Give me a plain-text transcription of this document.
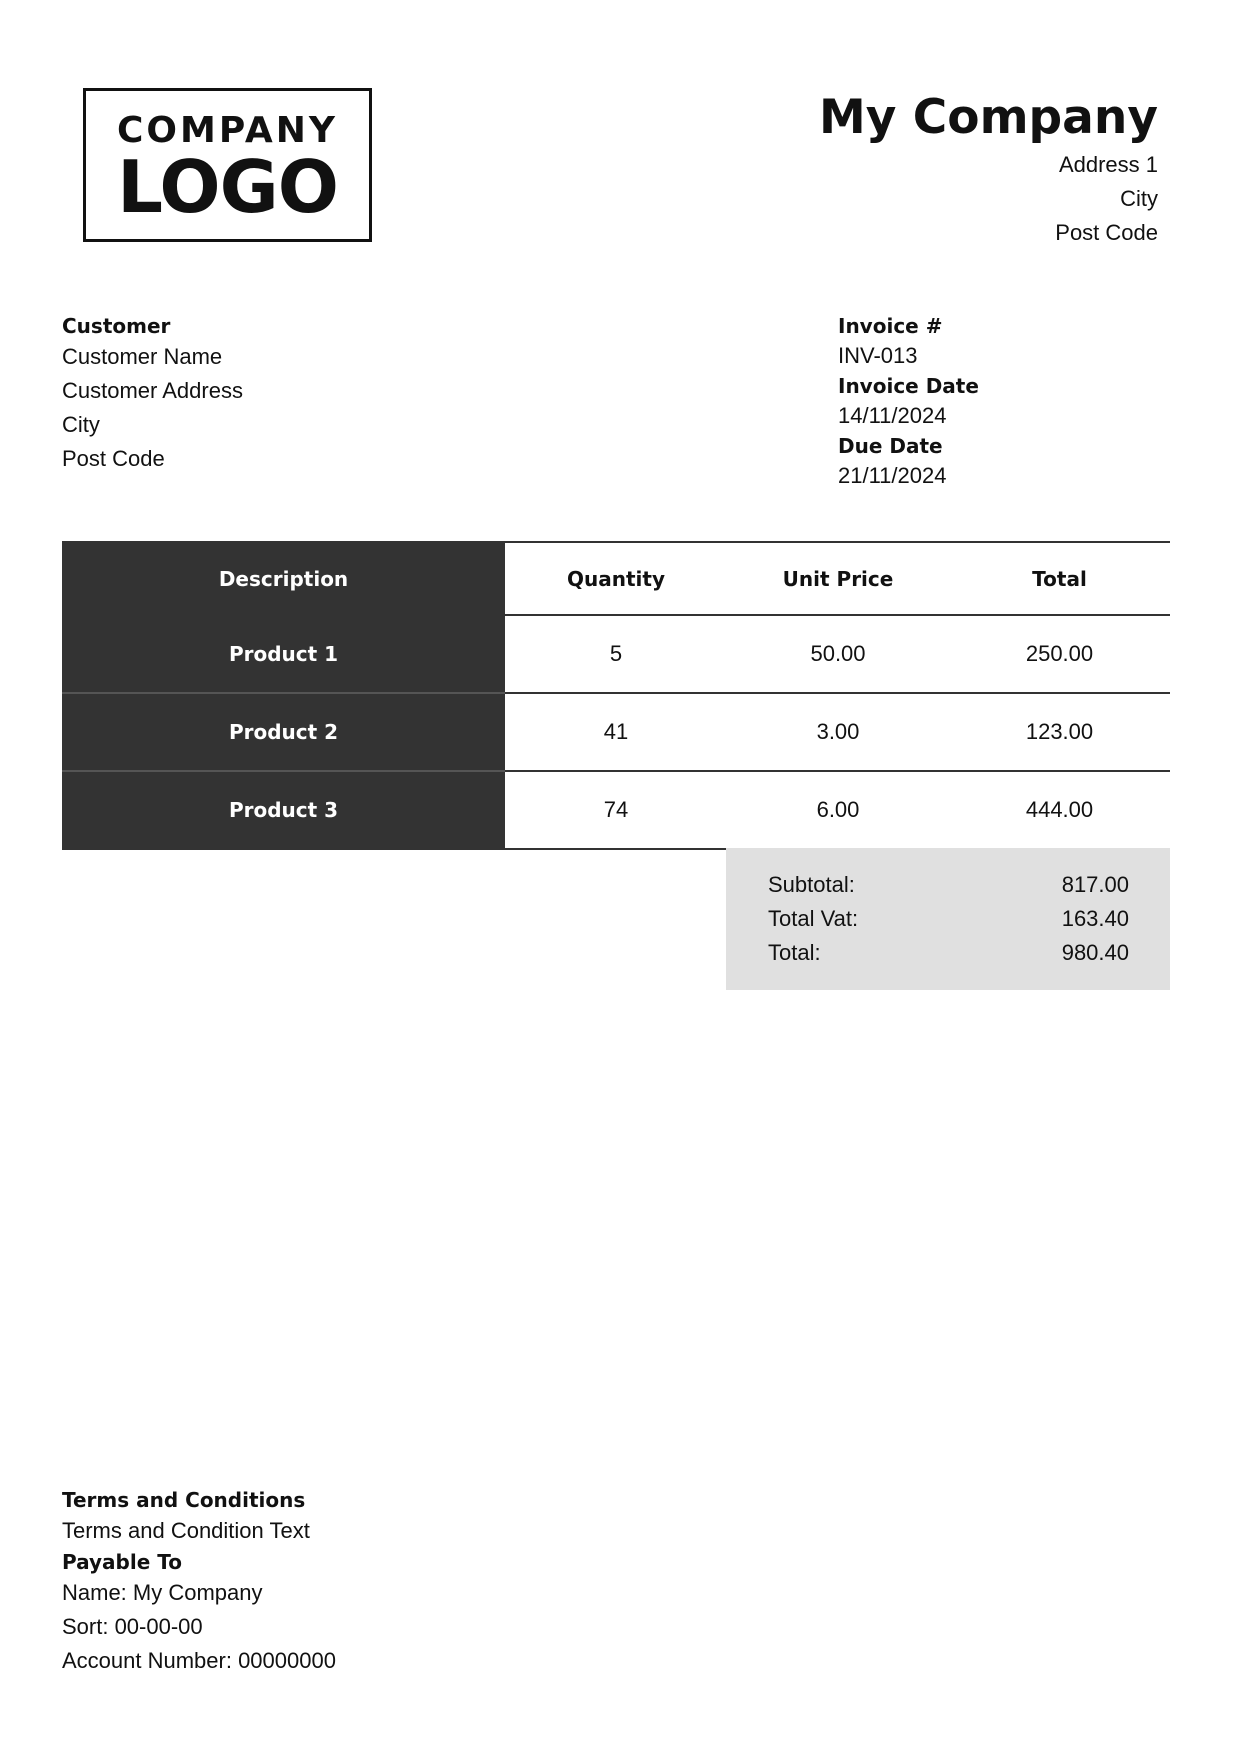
COMPANY
LOGO
My Company
Address 1
City
Post Code
Customer
Customer Name
Customer Address
City
Post Code
Invoice #
INV-013
Invoice Date
14/11/2024
Due Date
21/11/2024
Description	Quantity	Unit Price	Total
Product 1	5	50.00	250.00
Product 2	41	3.00	123.00
Product 3	74	6.00	444.00
Subtotal:	817.00
Total Vat:	163.40
Total:	980.40
Terms and Conditions
Terms and Condition Text
Payable To
Name: My Company
Sort: 00-00-00
Account Number: 00000000
